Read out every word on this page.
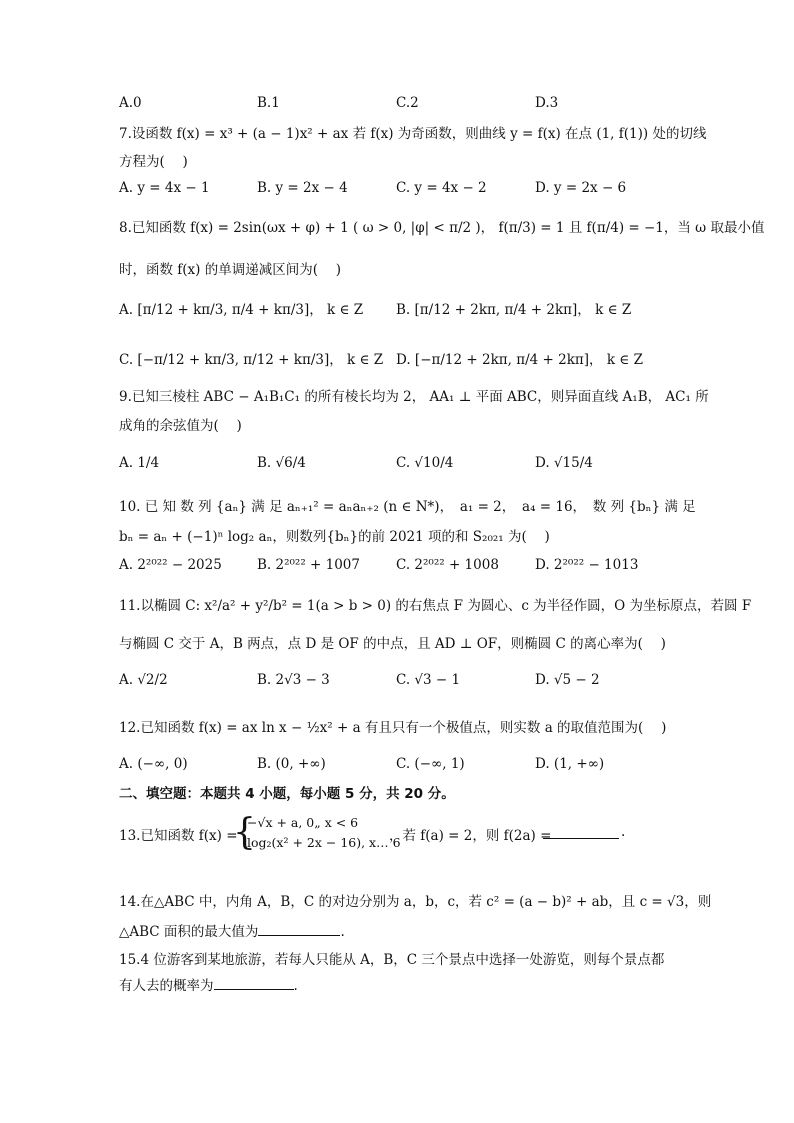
A.0	B.1	C.2	D.3
7.设函数 f(x) = x³ + (a − 1)x² + ax 若 f(x) 为奇函数，则曲线 y = f(x) 在点 (1, f(1)) 处的切线
方程为(　 )
A. y = 4x − 1	B. y = 2x − 4	C. y = 4x − 2	D. y = 2x − 6
8.已知函数 f(x) = 2sin(ωx + φ) + 1 ( ω > 0, |φ| < π/2 )， f(π/3) = 1 且 f(π/4) = −1，当 ω 取最小值
时，函数 f(x) 的单调递减区间为(　 )
A. [π/12 + kπ/3, π/4 + kπ/3]， k ∈ Z B. [π/12 + 2kπ, π/4 + 2kπ]， k ∈ Z
C. [−π/12 + kπ/3, π/12 + kπ/3]， k ∈ Z D. [−π/12 + 2kπ, π/4 + 2kπ]， k ∈ Z
9.已知三棱柱 ABC − A₁B₁C₁ 的所有棱长均为 2， AA₁ ⊥ 平面 ABC，则异面直线 A₁B， AC₁ 所
成角的余弦值为(　 )
A. 1/4	B. √6/4	C. √10/4	D. √15/4
10. 已 知 数 列 {aₙ} 满 足 aₙ₊₁² = aₙaₙ₊₂ (n ∈ N*)，　a₁ = 2，　a₄ = 16，　数 列 {bₙ} 满 足
bₙ = aₙ + (−1)ⁿ log₂ aₙ，则数列{bₙ}的前 2021 项的和 S₂₀₂₁ 为(　 )
A. 2²⁰²² − 2025	B. 2²⁰²² + 1007	C. 2²⁰²² + 1008	D. 2²⁰²² − 1013
11.以椭圆 C: x²/a² + y²/b² = 1(a > b > 0) 的右焦点 F 为圆心、c 为半径作圆，O 为坐标原点，若圆 F
与椭圆 C 交于 A，B 两点，点 D 是 OF 的中点，且 AD ⊥ OF，则椭圆 C 的离心率为(　 )
A. √2/2	B. 2√3 − 3	C. √3 − 1	D. √5 − 2
12.已知函数 f(x) = ax ln x − ½x² + a 有且只有一个极值点，则实数 a 的取值范围为(　 )
A. (−∞, 0)	B. (0, +∞)	C. (−∞, 1)	D. (1, +∞)
二、填空题：本题共 4 小题，每小题 5 分，共 20 分。
13.已知函数 f(x) =
{
−√x + a, 0„ x < 6
log₂(x² + 2x − 16), x… 6
，若 f(a) = 2，则 f(2a) =	.
14.在△ABC 中，内角 A，B，C 的对边分别为 a，b，c，若 c² = (a − b)² + ab，且 c = √3，则
△ABC 面积的最大值为	.
15.4 位游客到某地旅游，若每人只能从 A，B，C 三个景点中选择一处游览，则每个景点都
有人去的概率为	.
